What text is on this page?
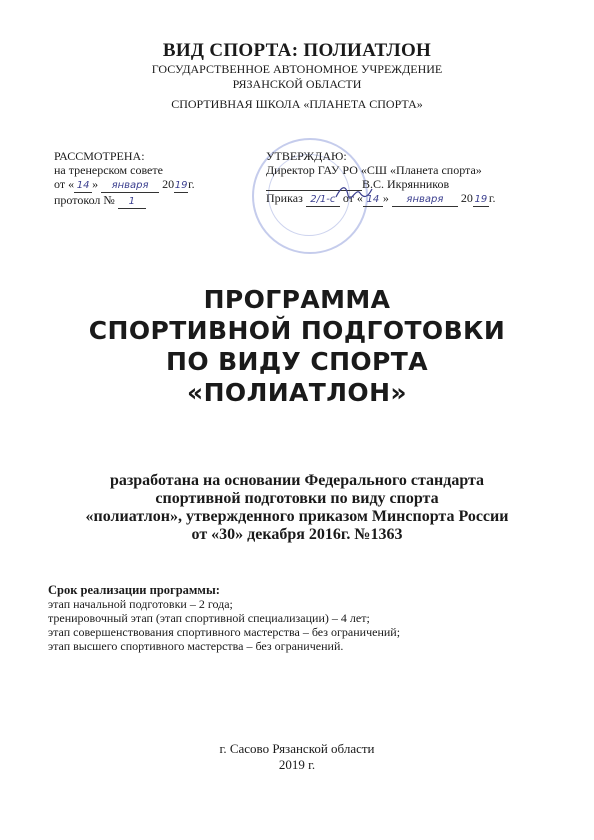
ВИД СПОРТА: ПОЛИАТЛОН
ГОСУДАРСТВЕННОЕ АВТОНОМНОЕ УЧРЕЖДЕНИЕ
РЯЗАНСКОЙ ОБЛАСТИ
СПОРТИВНАЯ ШКОЛА «ПЛАНЕТА СПОРТА»
РАССМОТРЕНА:
на тренерском совете
от « 14 » января 2019г.
протокол № 1
УТВЕРЖДАЮ:
Директор ГАУ РО «СШ «Планета спорта»
В.С. Икрянников
Приказ 2/1-с от « 14 » января 20 19 г.
ПРОГРАММА
СПОРТИВНОЙ ПОДГОТОВКИ
ПО ВИДУ СПОРТА
«ПОЛИАТЛОН»
разработана на основании Федерального стандарта
спортивной подготовки по виду спорта
«полиатлон», утвержденного приказом Минспорта России
от «30» декабря 2016г. №1363
Срок реализации программы:
этап начальной подготовки – 2 года;
тренировочный этап (этап спортивной специализации) – 4 лет;
этап совершенствования спортивного мастерства – без ограничений;
этап высшего спортивного мастерства – без ограничений.
г. Сасово Рязанской области
2019 г.
